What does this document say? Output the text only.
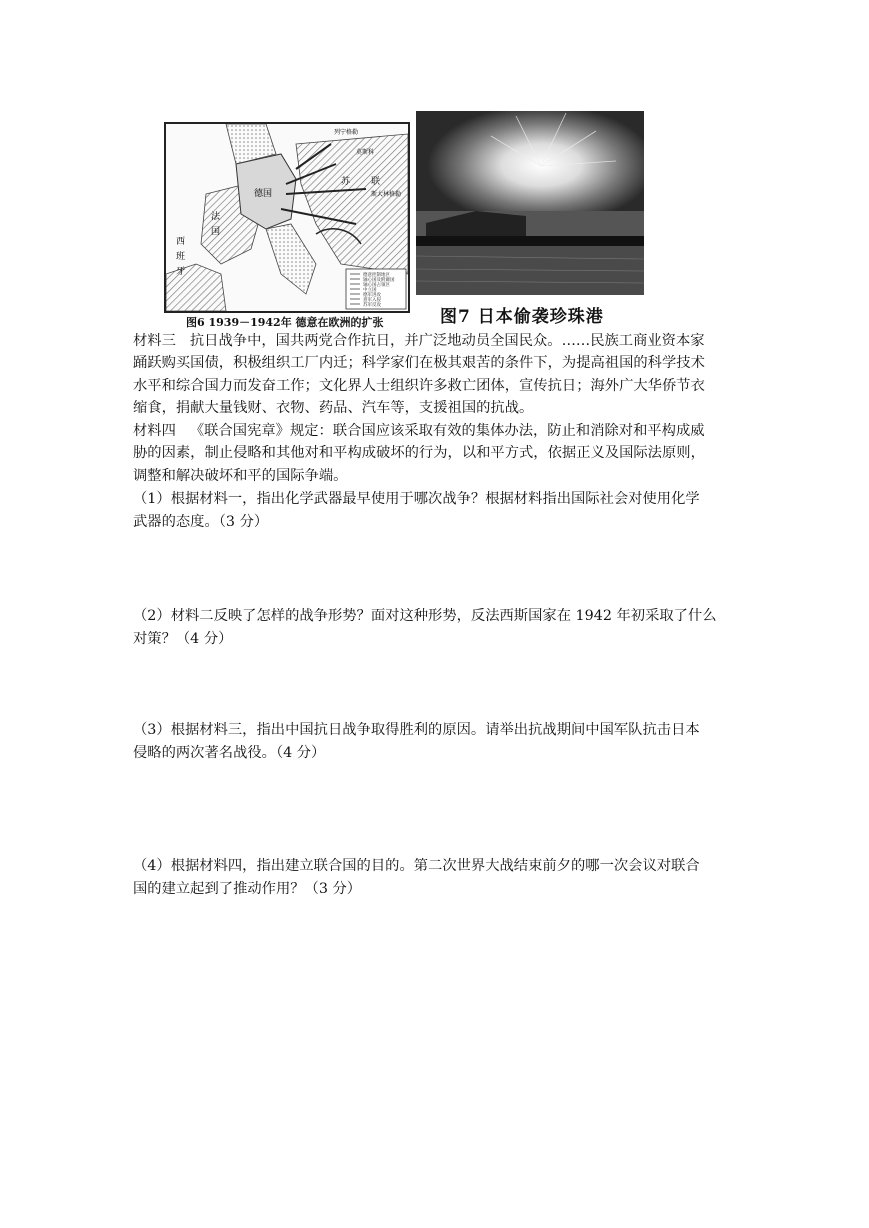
德国
苏 联
西
班
牙
法
国
列宁格勒
莫斯科
斯大林格勒
德意控制地区
轴心国及附庸国
轴心国占领区
中立国
德军进攻
意军入侵
苏军反攻
图6 1939－1942年 德意在欧洲的扩张	图7 日本偷袭珍珠港
材料三 抗日战争中，国共两党合作抗日，并广泛地动员全国民众。……民族工商业资本家
踊跃购买国债，积极组织工厂内迁；科学家们在极其艰苦的条件下，为提高祖国的科学技术
水平和综合国力而发奋工作；文化界人士组织许多救亡团体，宣传抗日；海外广大华侨节衣
缩食，捐献大量钱财、衣物、药品、汽车等，支援祖国的抗战。
材料四 《联合国宪章》规定：联合国应该采取有效的集体办法，防止和消除对和平构成威
胁的因素，制止侵略和其他对和平构成破坏的行为，以和平方式，依据正义及国际法原则，
调整和解决破坏和平的国际争端。
（1）根据材料一，指出化学武器最早使用于哪次战争？根据材料指出国际社会对使用化学
武器的态度。（3 分）
（2）材料二反映了怎样的战争形势？面对这种形势，反法西斯国家在 1942 年初采取了什么
对策？（4 分）
（3）根据材料三，指出中国抗日战争取得胜利的原因。请举出抗战期间中国军队抗击日本
侵略的两次著名战役。（4 分）
（4）根据材料四，指出建立联合国的目的。第二次世界大战结束前夕的哪一次会议对联合
国的建立起到了推动作用？（3 分）
